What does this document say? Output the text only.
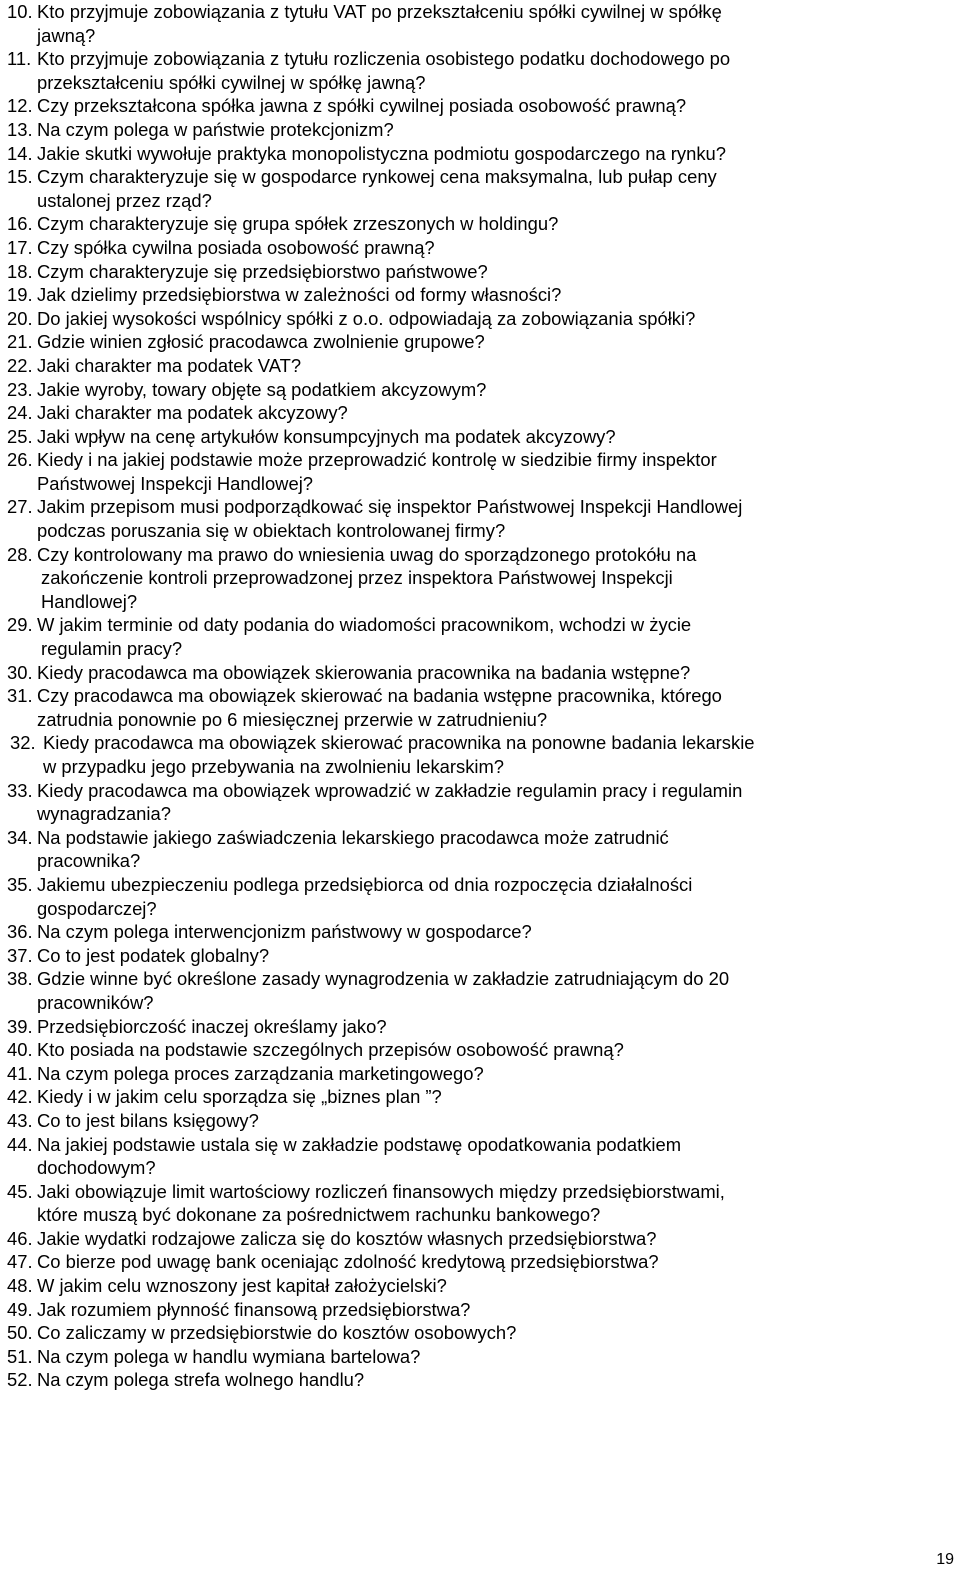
10. Kto przyjmuje zobowiązania z tytułu VAT po przekształceniu spółki cywilnej w spółkę
jawną?
11. Kto przyjmuje zobowiązania z tytułu rozliczenia osobistego podatku dochodowego po
przekształceniu spółki cywilnej w spółkę jawną?
12. Czy przekształcona spółka jawna z spółki cywilnej posiada osobowość prawną?
13. Na czym polega w państwie protekcjonizm?
14. Jakie skutki wywołuje praktyka monopolistyczna podmiotu gospodarczego na rynku?
15. Czym charakteryzuje się w gospodarce rynkowej cena maksymalna, lub pułap ceny
ustalonej przez rząd?
16. Czym charakteryzuje się grupa spółek zrzeszonych w holdingu?
17. Czy spółka cywilna posiada osobowość prawną?
18. Czym charakteryzuje się przedsiębiorstwo państwowe?
19. Jak dzielimy przedsiębiorstwa w zależności od formy własności?
20. Do jakiej wysokości wspólnicy spółki z o.o. odpowiadają za zobowiązania spółki?
21. Gdzie winien zgłosić pracodawca zwolnienie grupowe?
22. Jaki charakter ma podatek VAT?
23. Jakie wyroby, towary objęte są podatkiem akcyzowym?
24. Jaki charakter ma podatek akcyzowy?
25. Jaki wpływ na cenę artykułów konsumpcyjnych ma podatek akcyzowy?
26. Kiedy i na jakiej podstawie może przeprowadzić kontrolę w siedzibie firmy inspektor
Państwowej Inspekcji Handlowej?
27. Jakim przepisom musi podporządkować się inspektor Państwowej Inspekcji Handlowej
podczas poruszania się w obiektach kontrolowanej firmy?
28. Czy kontrolowany ma prawo do wniesienia uwag do sporządzonego protokółu na
zakończenie kontroli przeprowadzonej przez inspektora Państwowej Inspekcji
Handlowej?
29. W jakim terminie od daty podania do wiadomości pracownikom, wchodzi w życie
regulamin pracy?
30. Kiedy pracodawca ma obowiązek skierowania pracownika na badania wstępne?
31. Czy pracodawca ma obowiązek skierować na badania wstępne pracownika, którego
zatrudnia ponownie po 6 miesięcznej przerwie w zatrudnieniu?
32. Kiedy pracodawca ma obowiązek skierować pracownika na ponowne badania lekarskie
w przypadku jego przebywania na zwolnieniu lekarskim?
33. Kiedy pracodawca ma obowiązek wprowadzić w zakładzie regulamin pracy i regulamin
wynagradzania?
34. Na podstawie jakiego zaświadczenia lekarskiego pracodawca może zatrudnić
pracownika?
35. Jakiemu ubezpieczeniu podlega przedsiębiorca od dnia rozpoczęcia działalności
gospodarczej?
36. Na czym polega interwencjonizm państwowy w gospodarce?
37. Co to jest podatek globalny?
38. Gdzie winne być określone zasady wynagrodzenia w zakładzie zatrudniającym do 20
pracowników?
39. Przedsiębiorczość inaczej określamy jako?
40. Kto posiada na podstawie szczególnych przepisów osobowość prawną?
41. Na czym polega proces zarządzania marketingowego?
42. Kiedy i w jakim celu sporządza się „biznes plan ”?
43. Co to jest bilans księgowy?
44. Na jakiej podstawie ustala się w zakładzie podstawę opodatkowania podatkiem
dochodowym?
45. Jaki obowiązuje limit wartościowy rozliczeń finansowych między przedsiębiorstwami,
które muszą być dokonane za pośrednictwem rachunku bankowego?
46. Jakie wydatki rodzajowe zalicza się do kosztów własnych przedsiębiorstwa?
47. Co bierze pod uwagę bank oceniając zdolność kredytową przedsiębiorstwa?
48. W jakim celu wznoszony jest kapitał założycielski?
49. Jak rozumiem płynność finansową przedsiębiorstwa?
50. Co zaliczamy w przedsiębiorstwie do kosztów osobowych?
51. Na czym polega w handlu wymiana bartelowa?
52. Na czym polega strefa wolnego handlu?
19
